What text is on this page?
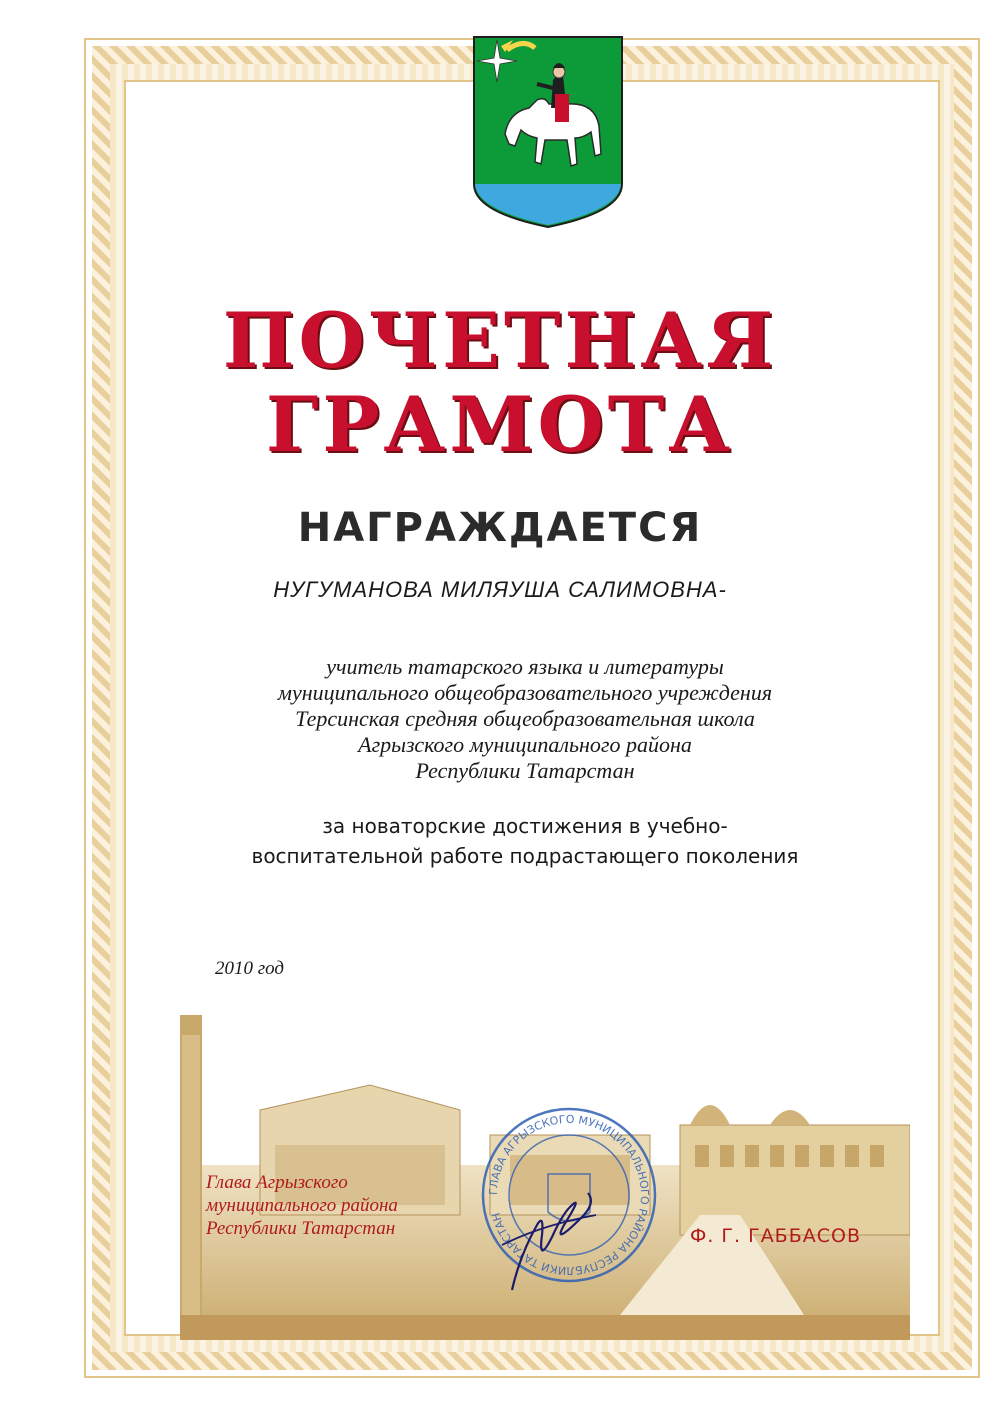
ПОЧЕТНАЯ
ГРАМОТА
НАГРАЖДАЕТСЯ
НУГУМАНОВА МИЛЯУША САЛИМОВНА-
учитель татарского языка и литературы
муниципального общеобразовательного учреждения
Терсинская средняя общеобразовательная школа
Агрызского муниципального района
Республики Татарстан
за новаторские достижения в учебно-
воспитательной работе подрастающего поколения
2010 год
Глава Агрызского
муниципального района
Республики Татарстан
ГЛАВА АГРЫЗСКОГО МУНИЦИПАЛЬНОГО РАЙОНА РЕСПУБЛИКИ ТАТАРСТАН
Ф. Г. ГАББАСОВ
